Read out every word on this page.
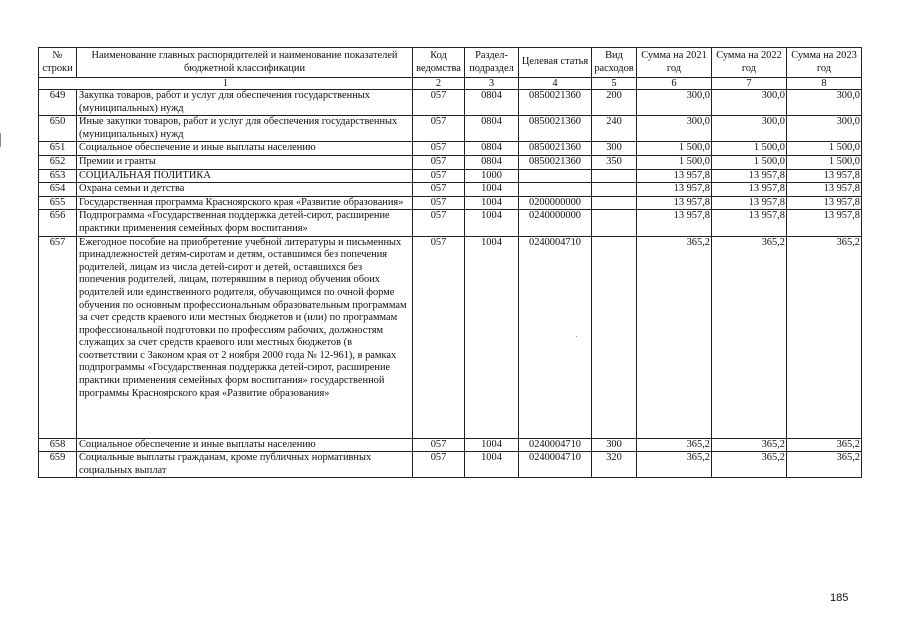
№ строки	Наименование главных распорядителей и наименование показателей бюджетной классификации	Код ведомства	Раздел-подраздел	Целевая статья	Вид расходов	Сумма на 2021 год	Сумма на 2022 год	Сумма на 2023 год
1		2	3	4	5	6	7	8
649	Закупка товаров, работ и услуг для обеспечения государственных (муниципальных) нужд	057	0804	0850021360	200	300,0	300,0	300,0
650	Иные закупки товаров, работ и услуг для обеспечения государственных (муниципальных) нужд	057	0804	0850021360	240	300,0	300,0	300,0
651	Социальное обеспечение и иные выплаты населению	057	0804	0850021360	300	1 500,0	1 500,0	1 500,0
652	Премии и гранты	057	0804	0850021360	350	1 500,0	1 500,0	1 500,0
653	СОЦИАЛЬНАЯ ПОЛИТИКА	057	1000			13 957,8	13 957,8	13 957,8
654	Охрана семьи и детства	057	1004			13 957,8	13 957,8	13 957,8
655	Государственная программа Красноярского края «Развитие образования»	057	1004	0200000000		13 957,8	13 957,8	13 957,8
656	Подпрограмма «Государственная поддержка детей-сирот, расширение практики применения семейных форм воспитания»	057	1004	0240000000		13 957,8	13 957,8	13 957,8
657	Ежегодное пособие на приобретение учебной литературы и письменных принадлежностей детям-сиротам и детям, оставшимся без попечения родителей, лицам из числа детей-сирот и детей, оставшихся без попечения родителей, лицам, потерявшим в период обучения обоих родителей или единственного родителя, обучающимся по очной форме обучения по основным профессиональным образовательным программам за счет средств краевого или местных бюджетов и (или) по программам профессиональной подготовки по профессиям рабочих, должностям служащих за счет средств краевого или местных бюджетов (в соответствии с Законом края от 2 ноября 2000 года № 12-961), в рамках подпрограммы «Государственная поддержка детей-сирот, расширение практики применения семейных форм воспитания» государственной программы Красноярского края «Развитие образования»	057	1004	0240004710		365,2	365,2	365,2
658	Социальное обеспечение и иные выплаты населению	057	1004	0240004710	300	365,2	365,2	365,2
659	Социальные выплаты гражданам, кроме публичных нормативных социальных выплат	057	1004	0240004710	320	365,2	365,2	365,2
185
